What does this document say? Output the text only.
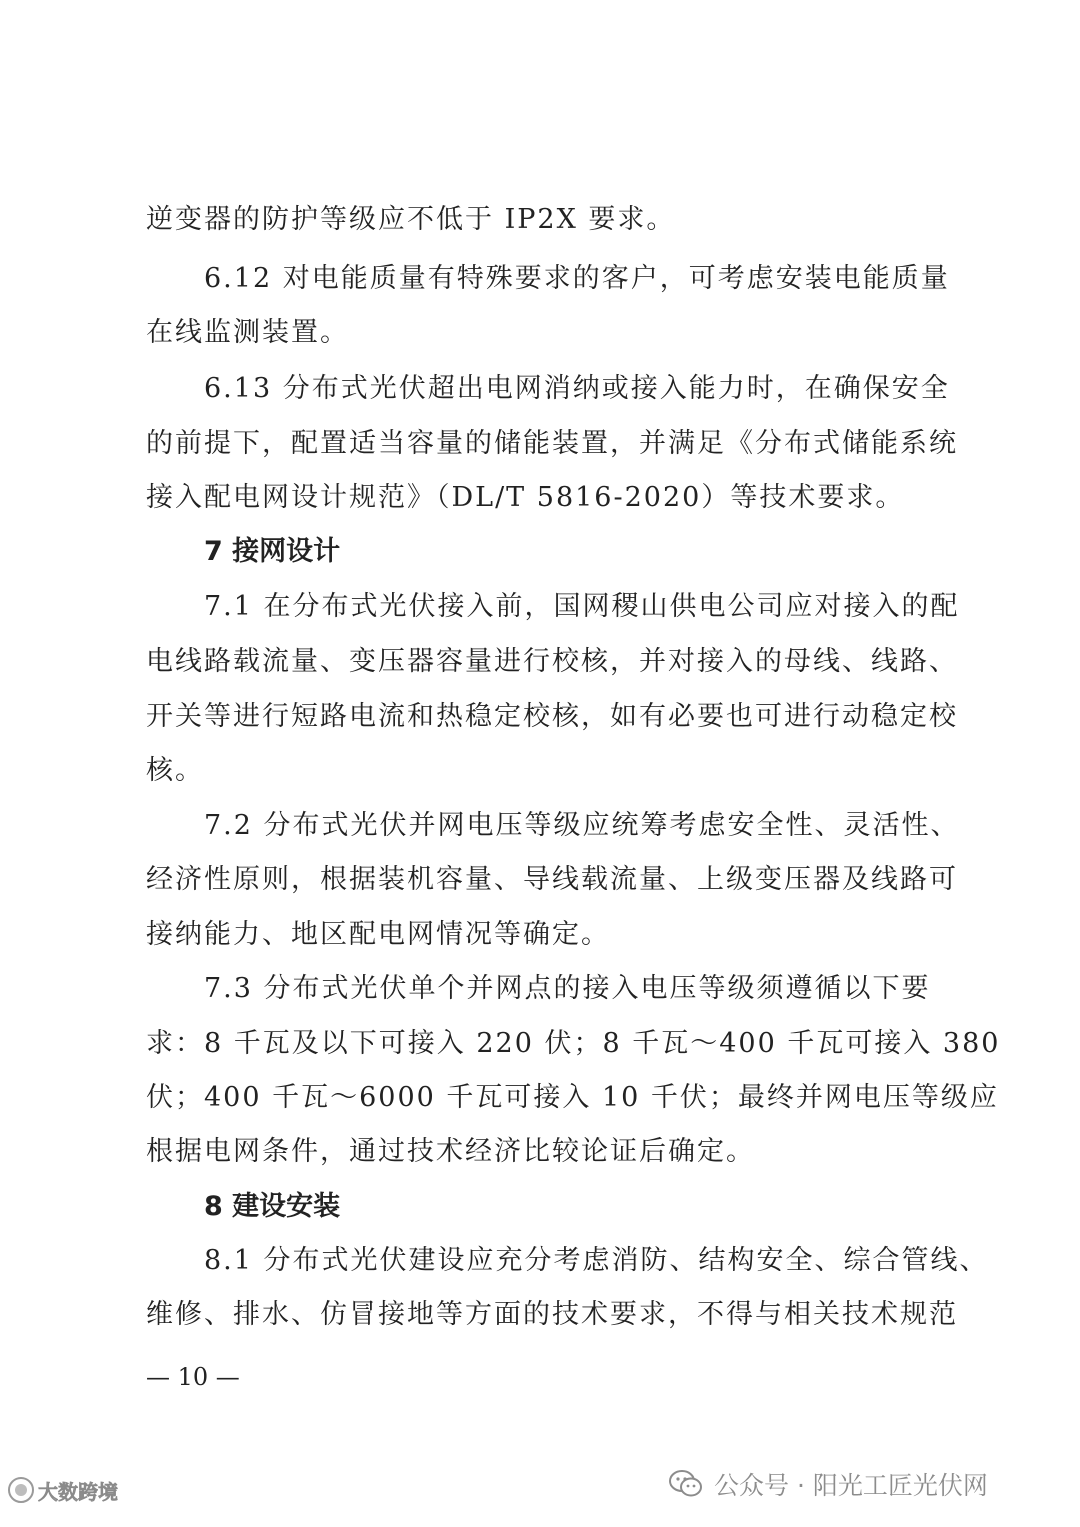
逆变器的防护等级应不低于 IP2X 要求。
6.12 对电能质量有特殊要求的客户，可考虑安装电能质量
在线监测装置。
6.13 分布式光伏超出电网消纳或接入能力时，在确保安全
的前提下，配置适当容量的储能装置，并满足《分布式储能系统
接入配电网设计规范》（DL/T 5816-2020）等技术要求。
7 接网设计
7.1 在分布式光伏接入前，国网稷山供电公司应对接入的配
电线路载流量、变压器容量进行校核，并对接入的母线、线路、
开关等进行短路电流和热稳定校核，如有必要也可进行动稳定校
核。
7.2 分布式光伏并网电压等级应统筹考虑安全性、灵活性、
经济性原则，根据装机容量、导线载流量、上级变压器及线路可
接纳能力、地区配电网情况等确定。
7.3 分布式光伏单个并网点的接入电压等级须遵循以下要
求：8 千瓦及以下可接入 220 伏；8 千瓦～400 千瓦可接入 380
伏；400 千瓦～6000 千瓦可接入 10 千伏；最终并网电压等级应
根据电网条件，通过技术经济比较论证后确定。
8 建设安装
8.1 分布式光伏建设应充分考虑消防、结构安全、综合管线、
维修、排水、仿冒接地等方面的技术要求，不得与相关技术规范
— 10 —
大数跨境	公众号 · 阳光工匠光伏网
